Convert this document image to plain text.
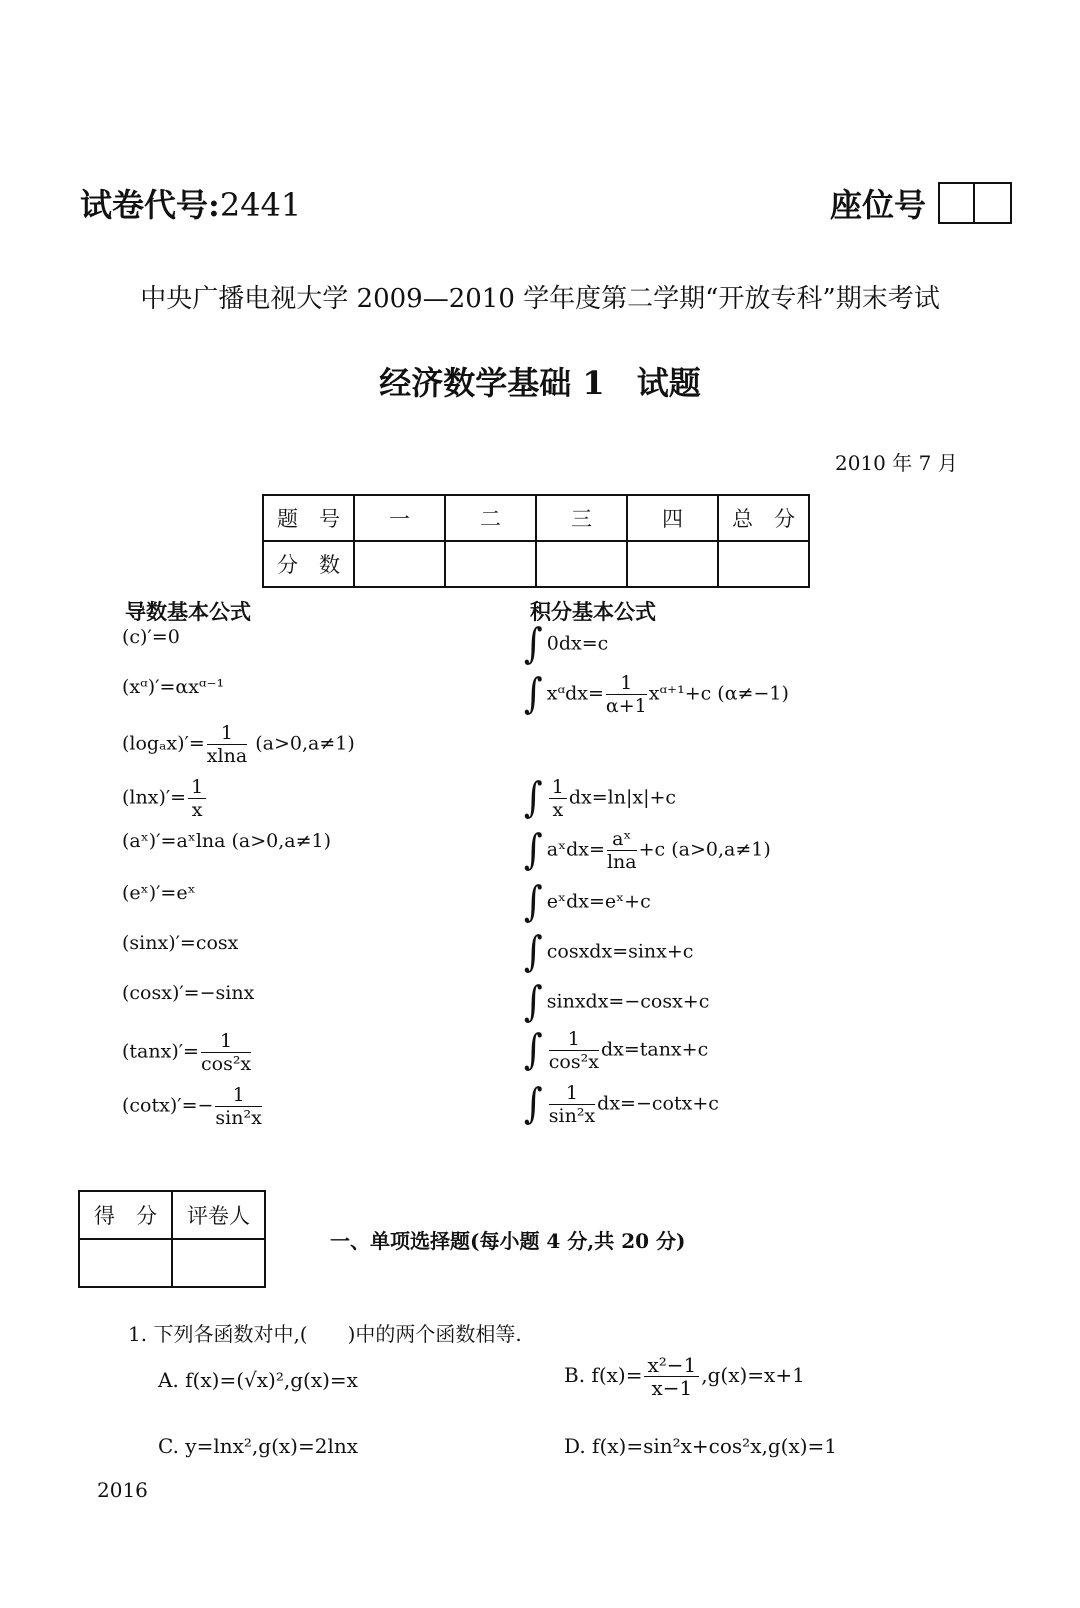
试卷代号:2441	座位号
中央广播电视大学 2009—2010 学年度第二学期“开放专科”期末考试
经济数学基础 1　试题
2010 年 7 月
题　号	一	二	三	四	总　分
分　数					
导数基本公式	积分基本公式
(c)′=0
(xᵅ)′=αxᵅ⁻¹
$(\log_ax)'= \frac{1}{xlna} (a>0,a\ne 1)$
$(\ln x)'= \frac{1}{x}$
(aˣ)′=aˣlna (a>0,a≠1)
(eˣ)′=eˣ
(sinx)′=cosx
(cosx)′=−sinx
$(\tan x)'= \frac{1}{\text{cos²x}}$
$(\cot x)'=- \frac{1}{\text{sin²x}}$
∫ 0dx=c
∫ xᵅdx= $\frac{1}{\alpha+1}$ xᵅ⁺¹+c (α≠−1)
∫ $\frac{1}{x} dx=\ln|x|+c$
∫ aˣdx= $\frac{\text{aˣ}}{\ln a} +c$ (a>0,a≠1)
∫ eˣdx=eˣ+c
∫ cosxdx=sinx+c
∫ sinxdx=−cosx+c
∫ $\frac{1}{\text{cos²x}} dx=\tan x+c$
∫ $\frac{1}{\text{sin²x}} dx=-\cot x+c$
得　分	评卷人

一、单项选择题(每小题 4 分,共 20 分)
1. 下列各函数对中,(　　)中的两个函数相等.
A. f(x)=(√x)²,g(x)=x	B. $f(x)= \frac{\text{x²−1}}{x-1} ,g(x)=x+1$
C. y=lnx²,g(x)=2lnx	D. f(x)=sin²x+cos²x,g(x)=1
2016
